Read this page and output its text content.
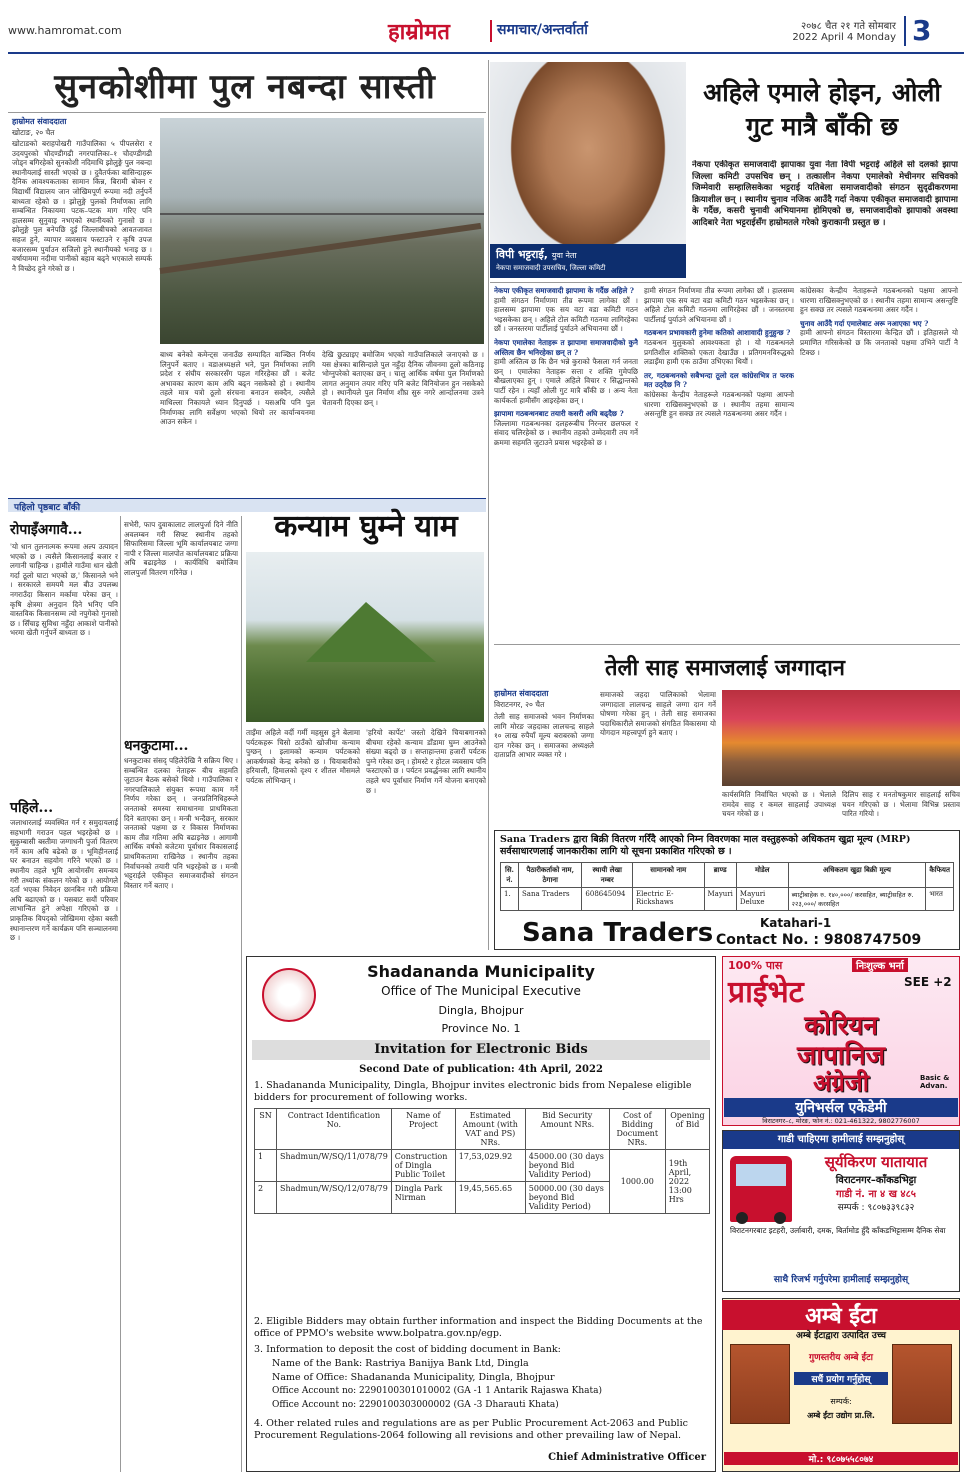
www.hamromat.com	हाम्रोमत	समाचार/अन्तर्वार्ता	२०७८ चैत २१ गते सोमबार
2022 April 4 Monday 3
सुनकोशीमा पुल नबन्दा सास्ती
हाम्रोमत संवाददाता
खोटाङ, २० चैत
खोटाङको बराहपोखरी गाउँपालिका ५ पीपलसेरा र उदयपुरको चौदण्डीगढी नगरपालिका–१ चौदण्डीगढी जोड्न बगिरहेको सुनकोशी नदिमाथि झोलुङ्गे पुल नबन्दा स्थानीयलाई सास्ती भएको छ । दुवैतर्फका बासिन्दाहरू दैनिक आवश्यकताका सामान किन्न, बिरामी बोक्न र विद्यार्थी विद्यालय जान जोखिमपूर्ण रूपमा नदी तर्नुपर्ने बाध्यता रहेको छ । झोलुङ्गे पुलको निर्माणका लागि सम्बन्धित निकायमा पटक–पटक माग गरिए पनि हालसम्म सुनुवाइ नभएको स्थानीयको गुनासो छ । झोलुङ्गे पुल बनेपछि दुई जिल्लाबीचको आवतजावत सहज हुने, व्यापार व्यवसाय फस्टाउने र कृषि उपज बजारसम्म पुर्याउन सजिलो हुने स्थानीयको भनाइ छ । वर्षायाममा नदीमा पानीको बहाव बढ्ने भएकाले सम्पर्क नै विच्छेद हुने गरेको छ ।
बाध्य बनेको कमेन्ट्स जनाउँछ सम्पादित वाञ्छित निर्णय लिनुपर्ने बताए । वडाअध्यक्षले भने, पुल निर्माणका लागि प्रदेश र संघीय सरकारसँग पहल गरिरहेका छौं । बजेट अभावका कारण काम अघि बढ्न नसकेको हो । स्थानीय तहले मात्र यत्रो ठूलो संरचना बनाउन सक्दैन, त्यसैले माथिल्ला निकायले ध्यान दिनुपर्छ । यसअघि पनि पुल निर्माणका लागि सर्वेक्षण भएको थियो तर कार्यान्वयनमा आउन सकेन ।
देखि छुट्याइए बमोजिम भएको गाउँपालिकाले जनाएको छ । यस क्षेत्रका बासिन्दाले पुल नहुँदा दैनिक जीवनमा ठूलो कठिनाइ भोग्नुपरेको बताएका छन् । चालु आर्थिक वर्षमा पुल निर्माणको लागत अनुमान तयार गरिए पनि बजेट विनियोजन हुन नसकेको हो । स्थानीयले पुल निर्माण शीघ्र सुरु नगरे आन्दोलनमा उत्रने चेतावनी दिएका छन् ।
विपी भट्टराई, युवा नेता
नेकपा समाजवादी उपसचिव, जिल्ला कमिटी
अहिले एमाले होइन, ओली गुट मात्रै बाँकी छ
नेकपा एकीकृत समाजवादी झापाका युवा नेता विपी भट्टराई अहिले सो दलको झापा जिल्ला कमिटी उपसचिव छन् । तत्कालीन नेकपा एमालेको मेचीनगर सचिवको जिम्मेवारी सम्हालिसकेका भट्टराई यतिबेला समाजवादीको संगठन सुदृढीकरणमा क्रियाशील छन् । स्थानीय चुनाव नजिक आउँदै गर्दा नेकपा एकीकृत समाजवादी झापामा के गर्दैछ, कसरी चुनावी अभियानमा होमिएको छ, समाजवादीको झापाको अवस्था आदिबारे नेता भट्टराईसँग हाम्रोमतले गरेको कुराकानी प्रस्तुत छ ।
नेकपा एकीकृत समाजवादी झापामा के गर्दैछ अहिले ?
हामी संगठन निर्माणमा तीव्र रूपमा लागेका छौं । हालसम्म झापामा एक सय वटा वडा कमिटी गठन भइसकेका छन् । अहिले टोल कमिटी गठनमा लागिरहेका छौं । जनस्तरमा पार्टीलाई पुर्याउने अभियानमा छौं ।
नेकपा एमालेका नेताहरू त झापामा समाजवादीको कुनै अस्तित्व छैन भनिरहेका छन् त ?
हामी अस्तित्व छ कि छैन भन्ने कुराको फैसला गर्न जनता छन् । एमालेका नेताहरू सत्ता र शक्ति गुमेपछि बौखलाएका हुन् । एमाले अहिले विचार र सिद्धान्तको पार्टी रहेन । त्यहाँ ओली गुट मात्रै बाँकी छ । अन्य नेता कार्यकर्ता हामीसँग आइरहेका छन् ।
झापामा गठबन्धनबाट तयारी कसरी अघि बढ्दैछ ?
जिल्लामा गठबन्धनका दलहरूबीच निरन्तर छलफल र संवाद चलिरहेको छ । स्थानीय तहको उम्मेदवारी तय गर्ने क्रममा सहमति जुटाउने प्रयास भइरहेको छ ।
हामी संगठन निर्माणमा तीव्र रूपमा लागेका छौं । हालसम्म झापामा एक सय वटा वडा कमिटी गठन भइसकेका छन् । अहिले टोल कमिटी गठनमा लागिरहेका छौं । जनस्तरमा पार्टीलाई पुर्याउने अभियानमा छौं ।
गठबन्धन प्रभावकारी हुनेमा कतिको आशावादी हुनुहुन्छ ?
गठबन्धन मुलुकको आवश्यकता हो । यो गठबन्धनले प्रगतिशील शक्तिको एकता देखाउँछ । प्रतिगमनविरुद्धको लडाइँमा हामी एक ठाउँमा उभिएका थियौं ।
तर, गठबन्धनको सबैभन्दा ठूलो दल कांग्रेसभित्र त फरक मत उठ्दैछ नि ?
कांग्रेसका केन्द्रीय नेताहरूले गठबन्धनको पक्षमा आफ्नो धारणा राखिसक्नुभएको छ । स्थानीय तहमा सामान्य असन्तुष्टि हुन सक्छ तर त्यसले गठबन्धनमा असर गर्दैन ।
कांग्रेसका केन्द्रीय नेताहरूले गठबन्धनको पक्षमा आफ्नो धारणा राखिसक्नुभएको छ । स्थानीय तहमा सामान्य असन्तुष्टि हुन सक्छ तर त्यसले गठबन्धनमा असर गर्दैन ।
चुनाव आउँदै गर्दा एमालेबाट अरू नआएका भए ?
हामी आफ्नो संगठन विस्तारमा केन्द्रित छौं । इतिहासले यो प्रमाणित गरिसकेको छ कि जनताको पक्षमा उभिने पार्टी नै टिक्छ ।
पहिलो पृष्ठबाट बाँकी
रोपाइँअगावै...
'यो धान तुलनात्मक रूपमा अल्प उत्पादन भएको छ । त्यसैले किसानलाई बजार र लगानी चाहिन्छ । हामीले गाउँमा धान खेती गर्दा ठूलो घाटा भएको छ,' किसानले भने । सरकारले समयमै मल बीउ उपलब्ध नगराउँदा किसान मर्कामा परेका छन् । कृषि क्षेत्रमा अनुदान दिने भनिए पनि वास्तविक किसानसम्म त्यो नपुगेको गुनासो छ । सिँचाइ सुविधा नहुँदा आकाशे पानीको भरमा खेती गर्नुपर्ने बाध्यता छ ।
पहिले...
जलाधारलाई व्यवस्थित गर्न र समुदायलाई सहभागी गराउन पहल भइरहेको छ । सुकुम्बासी बस्तीमा जग्गाधनी पुर्जा वितरण गर्ने काम अघि बढेको छ । भूमिहीनलाई घर बनाउन सहयोग गरिने भएको छ । स्थानीय तहले भूमि आयोगसँग समन्वय गरी तथ्यांक संकलन गरेको छ । आयोगले दर्ता भएका निवेदन छानबिन गरी प्रक्रिया अघि बढाएको छ । यसबाट सयौं परिवार लाभान्वित हुने अपेक्षा गरिएको छ । प्राकृतिक विपद्‌को जोखिममा रहेका बस्ती स्थानान्तरण गर्ने कार्यक्रम पनि सञ्चालनमा छ ।
सभेरी, फाप दुवाकालाट लालपुर्जा दिने नीति अवलम्बन गरी सिफ्ट स्थानीय तहको सिफारिसमा जिल्ला भूमि कार्यालयबाट जग्गा नापी र जिल्ला मालपोत कार्यालयबाट प्रक्रिया अघि बढाइनेछ । कार्यविधि बमोजिम लालपुर्जा वितरण गरिनेछ ।
धनकुटामा...
धनकुटाका संसद् पहिलेदेखि नै सक्रिय थिए । सम्बन्धित दलका नेताहरू बीच सहमति जुटाउन बैठक बसेको थियो । गाउँपालिका र नगरपालिकाले संयुक्त रूपमा काम गर्ने निर्णय गरेका छन् । जनप्रतिनिधिहरूले जनताको समस्या समाधानमा प्राथमिकता दिने बताएका छन् । मन्त्री भन्दैछन्, सरकार जनताको पक्षमा छ र विकास निर्माणका काम तीव्र गतिमा अघि बढाइनेछ । आगामी आर्थिक वर्षको बजेटमा पूर्वाधार विकासलाई प्राथमिकतामा राखिनेछ । स्थानीय तहका निर्वाचनको तयारी पनि भइरहेको छ । मन्त्री भट्टराईले एकीकृत समाजवादीको संगठन विस्तार गर्ने बताए ।
कन्याम घुम्ने याम
ताइँमा अहिले वर्दी गर्मी महसुस हुने बेलामा पर्यटकहरू चिसो ठाउँको खोजीमा कन्याम पुग्छन् । इलामको कन्याम पर्यटकको आकर्षणको केन्द्र बनेको छ । चियाबारीको हरियाली, हिमालको दृश्य र शीतल मौसमले पर्यटक लोभिन्छन् ।
'हरियो कार्पेट' जस्तो देखिने चियाबगानको बीचमा रहेको कन्याम डाँडामा घुम्न आउनेको संख्या बढ्दो छ । सप्ताहान्तमा हजारौं पर्यटक पुग्ने गरेका छन् । होमस्टे र होटल व्यवसाय पनि फस्टाएको छ । पर्यटन प्रवर्द्धनका लागि स्थानीय तहले थप पूर्वाधार निर्माण गर्ने योजना बनाएको छ ।
तेली साह समाजलाई जग्गादान
हाम्रोमत संवाददाता
विराटनगर, २० चैत
तेली साह समाजको भवन निर्माणका लागि मोरङ जहदाका लालचन्द्र साहले १० लाख रुपैयाँ मूल्य बराबरको जग्गा दान गरेका छन् । समाजका अध्यक्षले दाताप्रति आभार व्यक्त गरे ।
समाजको जहदा पालिकाको भेलामा जग्गादाता लालचन्द्र साहले जग्गा दान गर्ने घोषणा गरेका हुन् । तेली साह समाजका पदाधिकारीले समाजको संगठित विकासमा यो योगदान महत्त्वपूर्ण हुने बताए ।
कार्यसमिति निर्वाचित भएको छ । भेलाले रामदेव साह र कमल साहलाई उपाध्यक्ष चयन गरेको छ ।
दिलिप साह र मनतोषकुमार साहलाई सचिव चयन गरिएको छ । भेलामा विभिन्न प्रस्ताव पारित गरियो ।
Sana Traders द्वारा बिक्री वितरण गरिँदै आएको निम्न विवरणका माल वस्तुहरूको अधिकतम खुद्रा मूल्य (MRP) सर्वसाधारणलाई जानकारीका लागि यो सूचना प्रकाशित गरिएको छ ।
सि. नं.	पैठारीकर्ताको नाम, ठेगाना	स्थायी लेखा नम्बर	सामानको नाम	ब्राण्ड	मोडेल	अधिकतम खुद्रा बिक्री मूल्य	कैफियत
1.	Sana Traders	608645094	Electric E-Rickshaws	Mayuri	Mayuri Deluxe	ब्याट्रीबाहेक रु. १४०,०००/ करसहित, ब्याट्रीसहित रु. २२३,०००/ करसहित	भारत
Sana Traders	Katahari-1
Contact No. : 9808747509
Shadananda Municipality
Office of The Municipal Executive
Dingla, Bhojpur
Province No. 1
Invitation for Electronic Bids
Second Date of publication: 4th April, 2022
1. Shadananda Municipality, Dingla, Bhojpur invites electronic bids from Nepalese eligible bidders for procurement of following works.
SN	Contract Identification No.	Name of Project	Estimated Amount (with VAT and PS) NRs.	Bid Security Amount NRs.	Cost of Bidding Document NRs.	Opening of Bid
1	Shadmun/W/SQ/11/078/79	Construction of Dingla Public Toilet	17,53,029.92	45000.00 (30 days beyond Bid Validity Period)	1000.00	19th April, 2022 13:00 Hrs
2	Shadmun/W/SQ/12/078/79	Dingla Park Nirman	19,45,565.65	50000.00 (30 days beyond Bid Validity Period)		
2. Eligible Bidders may obtain further information and inspect the Bidding Documents at the office of PPMO's website www.bolpatra.gov.np/egp.
3. Information to deposit the cost of bidding document in Bank:
Name of the Bank: Rastriya Banijya Bank Ltd, Dingla
Name of Office: Shadananda Municipality, Dingla, Bhojpur
Office Account no: 2290100301010002 (GA -1 1 Antarik Rajaswa Khata)
Office Account no: 2290100303000002 (GA -3 Dharauti Khata)
4. Other related rules and regulations are as per Public Procurement Act-2063 and Public Procurement Regulations-2064 following all revisions and other prevailing law of Nepal.
Chief Administrative Officer
100% पास	निःशुल्क भर्ना
प्राईभेट	SEE +2
कोरियन
जापानिज
अंग्रेजी	Basic & Advan.
युनिभर्सल एकेडेमी
विराटनगर–८, मोरङ, फोन नं.: 021-461322, 9802776007
गाडी चाहिएमा हामीलाई सम्झनुहोस्
सूर्यकिरण यातायात
विराटनगर–काँकडभिट्टा
गाडी नं. ना ४ ख ४८५
सम्पर्क : ९८०७३३९८३२
विराटनगरबाट इटहरी, उर्लाबारी, दमक, बिर्तामोड हुँदै काँकडभिट्टासम्म दैनिक सेवा
साथै रिजर्भ गर्नुपरेमा हामीलाई सम्झनुहोस्
अम्बे ईंटा
अम्बे ईंटाद्वारा उत्पादित उच्च
गुणस्तरीय अम्बे ईंटा
सधैं प्रयोग गर्नुहोस्
सम्पर्क:
अम्बे ईंटा उद्योग प्रा.लि.
मो.: ९८०७५५८०७४
